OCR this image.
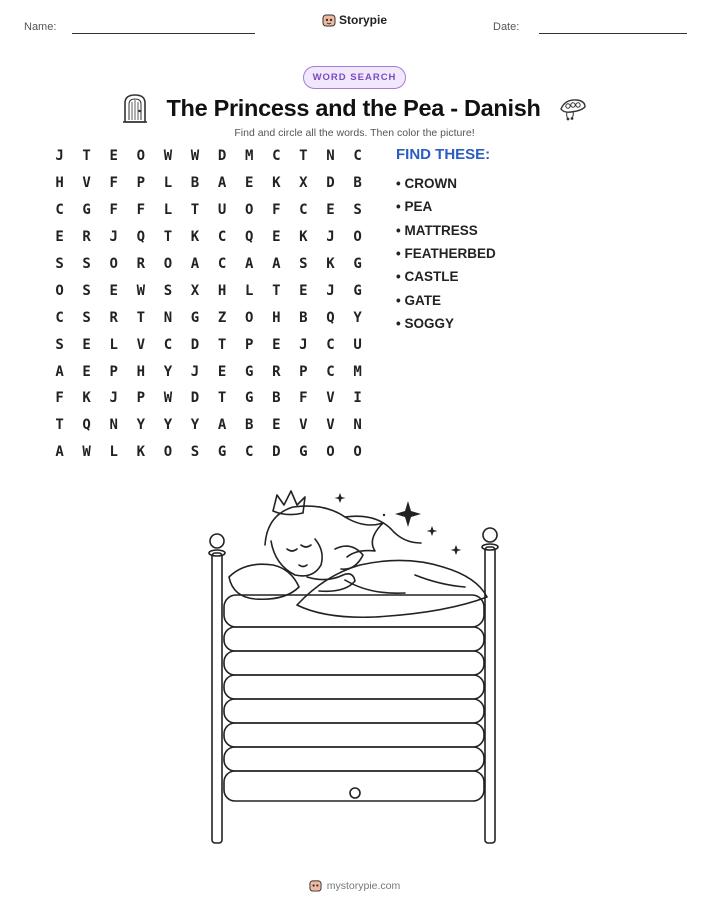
Name:	Storypie	Date:
WORD SEARCH
The Princess and the Pea - Danish
Find and circle all the words. Then color the picture!
J	T	E	O	W	W	D	M	C	T	N	C
H	V	F	P	L	B	A	E	K	X	D	B
C	G	F	F	L	T	U	O	F	C	E	S
E	R	J	Q	T	K	C	Q	E	K	J	O
S	S	O	R	O	A	C	A	A	S	K	G
O	S	E	W	S	X	H	L	T	E	J	G
C	S	R	T	N	G	Z	O	H	B	Q	Y
S	E	L	V	C	D	T	P	E	J	C	U
A	E	P	H	Y	J	E	G	R	P	C	M
F	K	J	P	W	D	T	G	B	F	V	I
T	Q	N	Y	Y	Y	A	B	E	V	V	N
A	W	L	K	O	S	G	C	D	G	O	O
FIND THESE:
• CROWN
• PEA
• MATTRESS
• FEATHERBED
• CASTLE
• GATE
• SOGGY
mystorypie.com
